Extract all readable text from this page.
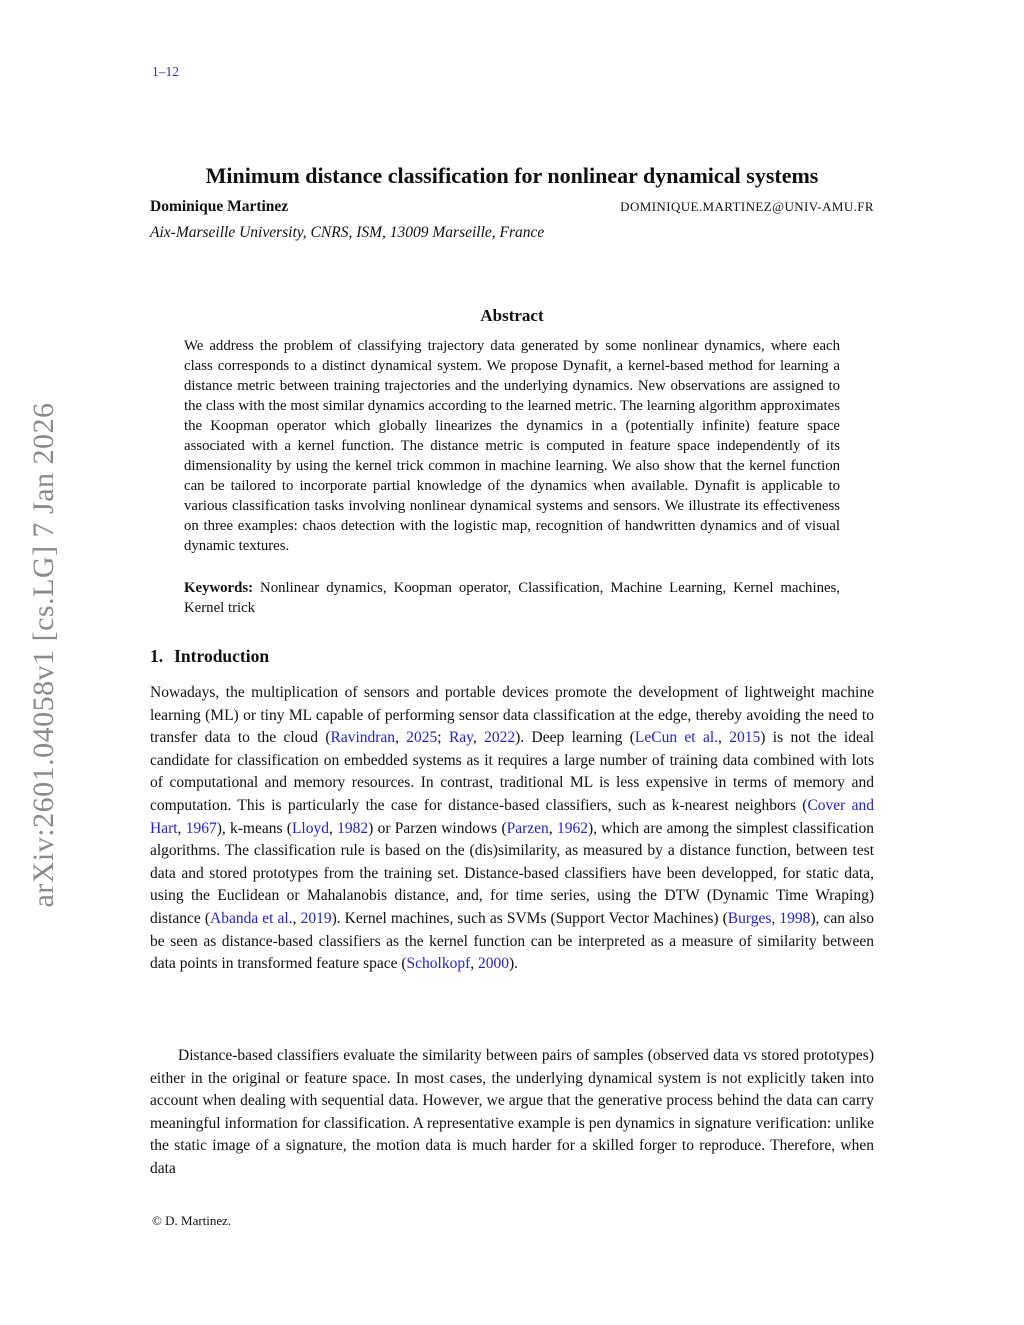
arXiv:2601.04058v1 [cs.LG] 7 Jan 2026
1–12
Minimum distance classification for nonlinear dynamical systems
Dominique Martinez	DOMINIQUE.MARTINEZ@UNIV-AMU.FR
Aix-Marseille University, CNRS, ISM, 13009 Marseille, France
Abstract

We address the problem of classifying trajectory data generated by some nonlinear dynamics, where each class corresponds to a distinct dynamical system. We propose Dynafit, a kernel-based method for learning a distance metric between training trajectories and the underlying dynamics. New observations are assigned to the class with the most similar dynamics according to the learned metric. The learning algorithm approximates the Koopman operator which globally linearizes the dynamics in a (potentially infinite) feature space associated with a kernel function. The distance metric is computed in feature space independently of its dimensionality by using the kernel trick common in machine learning. We also show that the kernel function can be tailored to incorporate partial knowledge of the dynamics when available. Dynafit is applicable to various classification tasks involving nonlinear dynamical systems and sensors. We illustrate its effectiveness on three examples: chaos detection with the logistic map, recognition of handwritten dynamics and of visual dynamic textures.

Keywords: Nonlinear dynamics, Koopman operator, Classification, Machine Learning, Kernel machines, Kernel trick

1. Introduction

Nowadays, the multiplication of sensors and portable devices promote the development of lightweight machine learning (ML) or tiny ML capable of performing sensor data classification at the edge, thereby avoiding the need to transfer data to the cloud (Ravindran, 2025; Ray, 2022). Deep learning (LeCun et al., 2015) is not the ideal candidate for classification on embedded systems as it requires a large number of training data combined with lots of computational and memory resources. In contrast, traditional ML is less expensive in terms of memory and computation. This is particularly the case for distance-based classifiers, such as k-nearest neighbors (Cover and Hart, 1967), k-means (Lloyd, 1982) or Parzen windows (Parzen, 1962), which are among the simplest classification algorithms. The classification rule is based on the (dis)similarity, as measured by a distance function, between test data and stored prototypes from the training set. Distance-based classifiers have been developped, for static data, using the Euclidean or Mahalanobis distance, and, for time series, using the DTW (Dynamic Time Wraping) distance (Abanda et al., 2019). Kernel machines, such as SVMs (Support Vector Machines) (Burges, 1998), can also be seen as distance-based classifiers as the kernel function can be interpreted as a measure of similarity between data points in transformed feature space (Scholkopf, 2000).

Distance-based classifiers evaluate the similarity between pairs of samples (observed data vs stored prototypes) either in the original or feature space. In most cases, the underlying dynamical system is not explicitly taken into account when dealing with sequential data. However, we argue that the generative process behind the data can carry meaningful information for classification. A representative example is pen dynamics in signature verification: unlike the static image of a signature, the motion data is much harder for a skilled forger to reproduce. Therefore, when data

© D. Martinez.
